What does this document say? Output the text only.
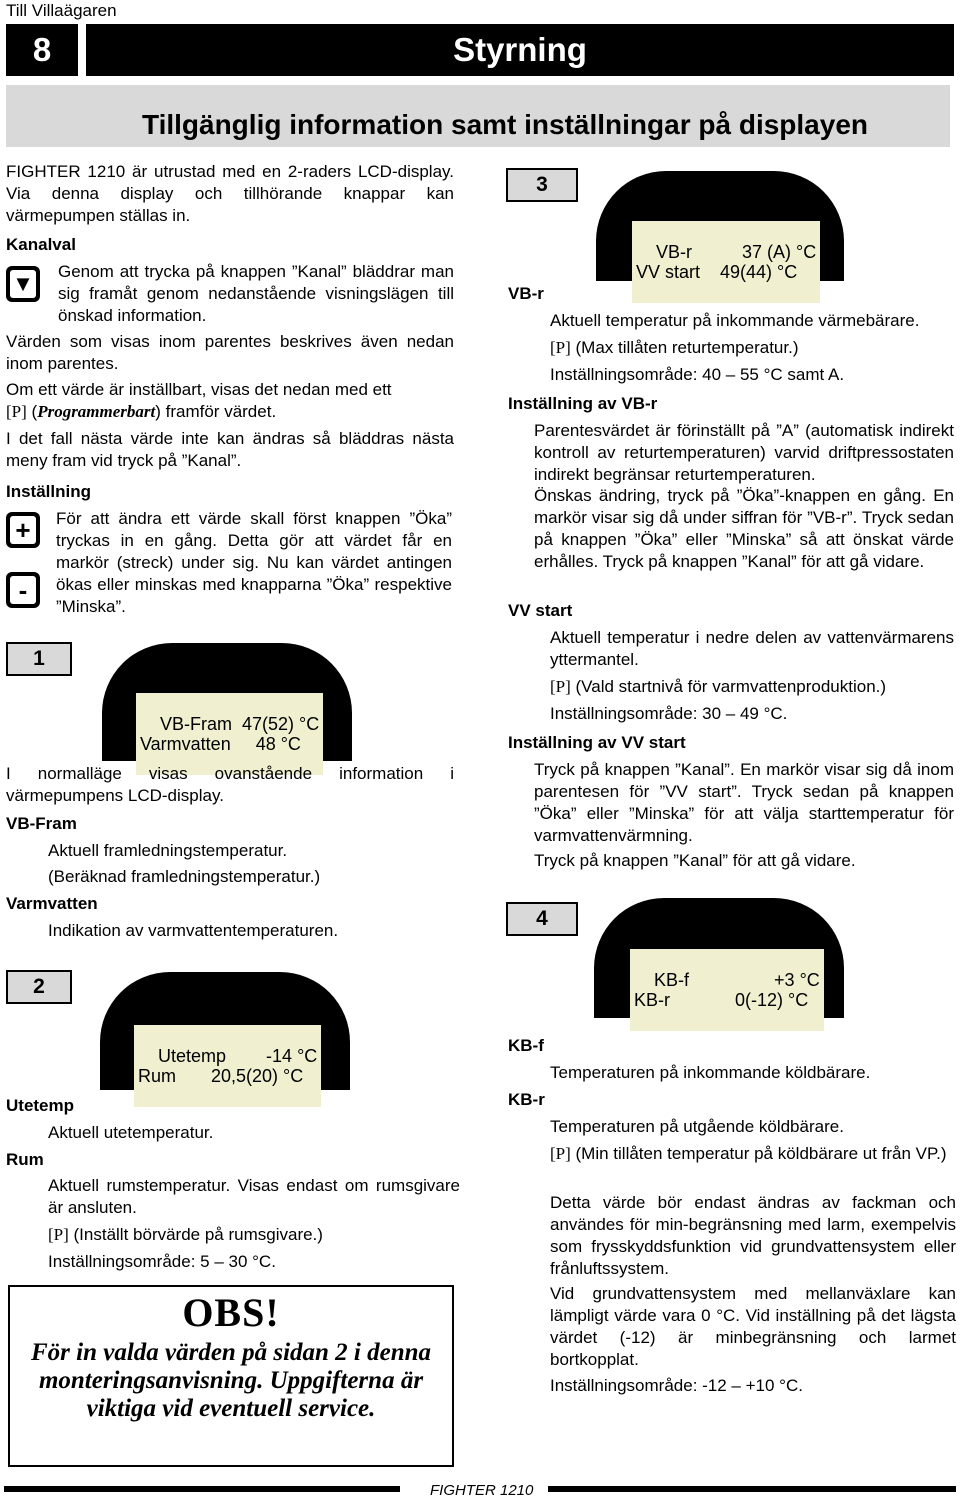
Till Villaägaren
8	Styrning
Tillgänglig information samt inställningar på displayen

FIGHTER 1210 är utrustad med en 2-raders LCD-display. Via denna display och tillhörande knappar kan värmepumpen ställas in.

Kanalval
▼ Genom att trycka på knappen ”Kanal” bläddrar man sig framåt genom nedanstående visningslägen till önskad information.

Värden som visas inom parentes beskrives även nedan inom parentes.

Om ett värde är inställbart, visas det nedan med ett
[P] (Programmerbart) framför värdet.

I det fall nästa värde inte kan ändras så bläddras nästa meny fram vid tryck på ”Kanal”.

Inställning
+
-

För att ändra ett värde skall först knappen ”Öka” tryckas in en gång. Detta gör att värdet får en markör (streck) under sig. Nu kan värdet antingen ökas eller minskas med knapparna ”Öka” respektive ”Minska”.

1

VB-Fram  47(52) °C
Varmvatten     48 °C

I normalläge visas ovanstående information i värmepumpens LCD-display.

VB-Fram

Aktuell framledningstemperatur.

(Beräknad framledningstemperatur.)

Varmvatten

Indikation av varmvattentemperaturen.

2

Utetemp        -14 °C
Rum       20,5(20) °C

Utetemp

Aktuell utetemperatur.

Rum

Aktuell rumstemperatur. Visas endast om rumsgivare är ansluten.

[P] (Inställt börvärde på rumsgivare.)

Inställningsområde: 5 – 30 °C.

OBS!
För in valda värden på sidan 2 i denna monteringsanvisning. Uppgifterna är viktiga vid eventuell service.
3

VB-r          37 (A) °C
VV start    49(44) °C

VB-r

Aktuell temperatur på inkommande värmebärare.

[P] (Max tillåten returtemperatur.)

Inställningsområde: 40 – 55 °C samt A.

Inställning av VB-r

Parentesvärdet är förinställt på ”A” (automatisk indirekt kontroll av returtemperaturen) varvid driftpressostaten indirekt begränsar returtemperaturen.

Önskas ändring, tryck på ”Öka”-knappen en gång. En markör visar sig då under siffran för ”VB-r”. Tryck sedan på knappen ”Öka” eller ”Minska” så att önskat värde erhålles. Tryck på knappen ”Kanal” för att gå vidare.

VV start

Aktuell temperatur i nedre delen av vattenvärmarens yttermantel.

[P] (Vald startnivå för varmvattenproduktion.)

Inställningsområde: 30 – 49 °C.

Inställning av VV start

Tryck på knappen ”Kanal”. En markör visar sig då inom parentesen för ”VV start”. Tryck sedan på knappen ”Öka” eller ”Minska” för att välja starttemperatur för varmvattenvärmning.

Tryck på knappen ”Kanal” för att gå vidare.

4

KB-f                 +3 °C
KB-r             0(-12) °C

KB-f

Temperaturen på inkommande köldbärare.

KB-r

Temperaturen på utgående köldbärare.

[P] (Min tillåten temperatur på köldbärare ut från VP.)

Detta värde bör endast ändras av fackman och användes för min-begränsning med larm, exempelvis som frysskyddsfunktion vid grundvattensystem eller frånluftssystem.

Vid grundvattensystem med mellanväxlare kan lämpligt värde vara 0 °C. Vid inställning på det lägsta värdet (-12) är minbegränsning och larmet bortkopplat.

Inställningsområde: -12 – +10 °C.

FIGHTER 1210
